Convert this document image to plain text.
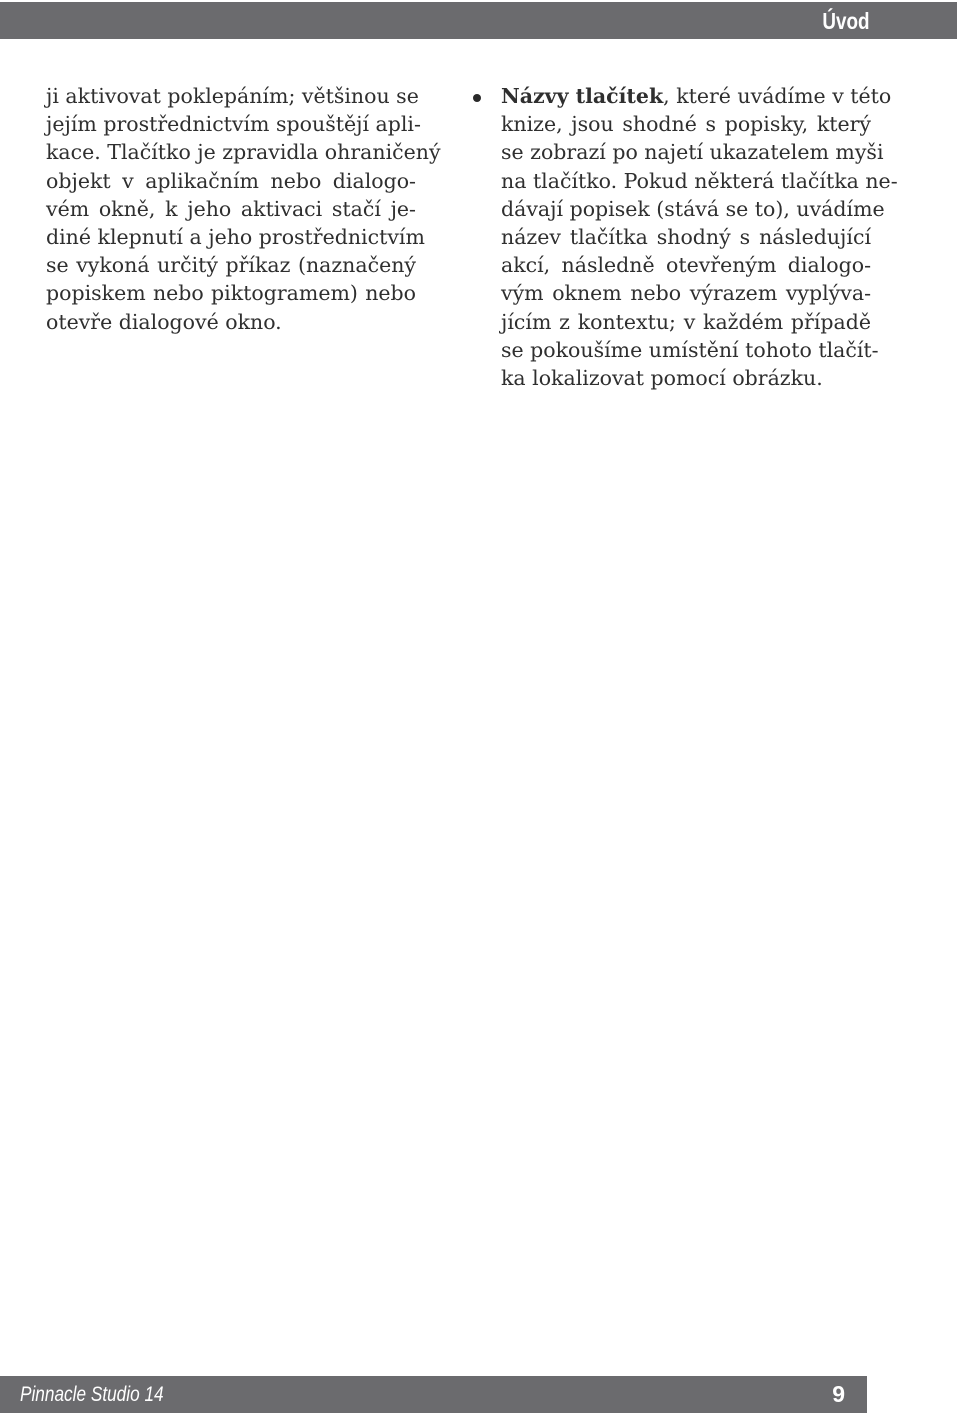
Úvod
ji aktivovat poklepáním; většinou se
jejím prostřednictvím spouštějí apli-
kace. Tlačítko je zpravidla ohraničený
objekt v aplikačním nebo dialogo-
vém okně, k jeho aktivaci stačí je-
diné klepnutí a jeho prostřednictvím
se vykoná určitý příkaz (naznačený
popiskem nebo piktogramem) nebo
otevře dialogové okno.
Názvy tlačítek, které uvádíme v této
knize, jsou shodné s popisky, který
se zobrazí po najetí ukazatelem myši
na tlačítko. Pokud některá tlačítka ne-
dávají popisek (stává se to), uvádíme
název tlačítka shodný s následující
akcí, následně otevřeným dialogo-
vým oknem nebo výrazem vyplýva-
jícím z kontextu; v každém případě
se pokoušíme umístění tohoto tlačít-
ka lokalizovat pomocí obrázku.
Pinnacle Studio 14	9
